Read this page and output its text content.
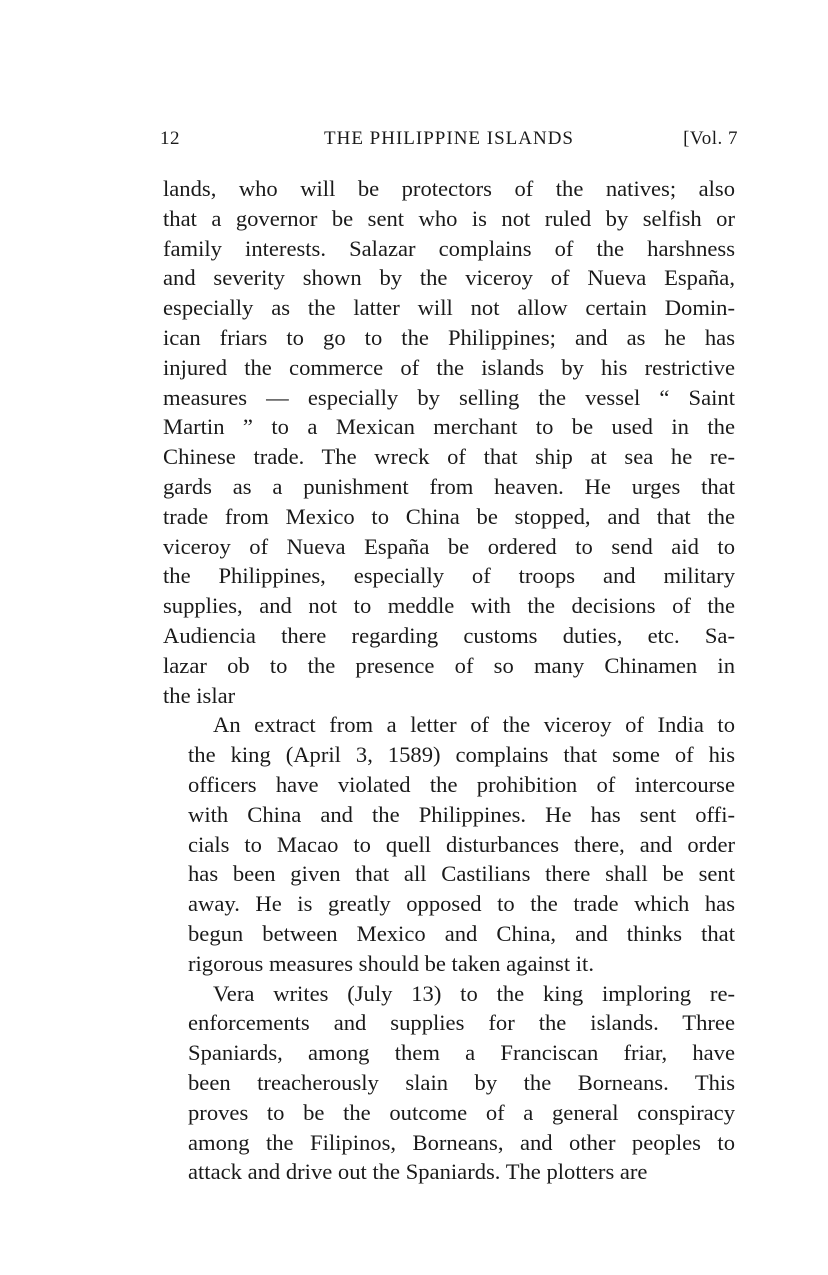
12	THE PHILIPPINE ISLANDS	[Vol. 7

lands, who will be protectors of the natives; also
that a governor be sent who is not ruled by selfish or
family interests. Salazar complains of the harshness
and severity shown by the viceroy of Nueva España,
especially as the latter will not allow certain Domin-
ican friars to go to the Philippines; and as he has
injured the commerce of the islands by his restrictive
measures — especially by selling the vessel “ Saint
Martin ” to a Mexican merchant to be used in the
Chinese trade. The wreck of that ship at sea he re-
gards as a punishment from heaven. He urges that
trade from Mexico to China be stopped, and that the
viceroy of Nueva España be ordered to send aid to
the Philippines, especially of troops and military
supplies, and not to meddle with the decisions of the
Audiencia there regarding customs duties, etc. Sa-
lazar ob to the presence of so many Chinamen in
the islar

An extract from a letter of the viceroy of India to
the king (April 3, 1589) complains that some of his
officers have violated the prohibition of intercourse
with China and the Philippines. He has sent offi-
cials to Macao to quell disturbances there, and order
has been given that all Castilians there shall be sent
away. He is greatly opposed to the trade which has
begun between Mexico and China, and thinks that
rigorous measures should be taken against it.

Vera writes (July 13) to the king imploring re-
enforcements and supplies for the islands. Three
Spaniards, among them a Franciscan friar, have
been treacherously slain by the Borneans. This
proves to be the outcome of a general conspiracy
among the Filipinos, Borneans, and other peoples to
attack and drive out the Spaniards. The plotters are
